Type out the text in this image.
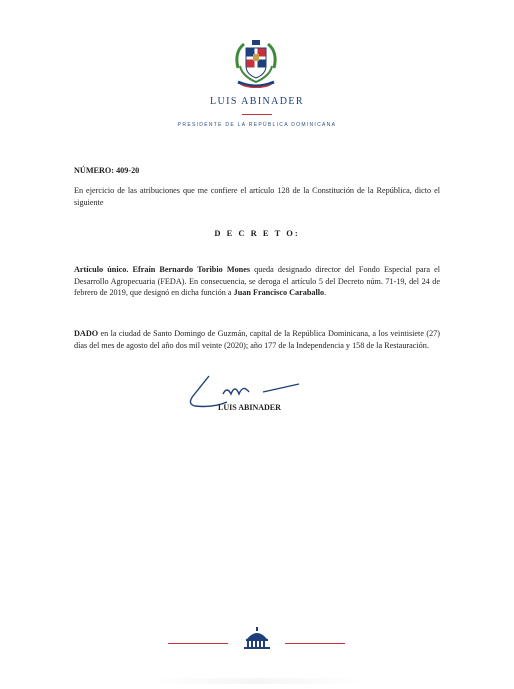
LUIS ABINADER
PRESIDENTE DE LA REPÚBLICA DOMINICANA
NÚMERO: 409-20
En ejercicio de las atribuciones que me confiere el artículo 128 de la Constitución de la República, dicto el siguiente
D E C R E T O:
Artículo único. Efraín Bernardo Toribio Mones queda designado director del Fondo Especial para el Desarrollo Agropecuaria (FEDA). En consecuencia, se deroga el artículo 5 del Decreto núm. 71-19, del 24 de febrero de 2019, que designó en dicha función a Juan Francisco Caraballo.
DADO en la ciudad de Santo Domingo de Guzmán, capital de la República Dominicana, a los veintisiete (27) días del mes de agosto del año dos mil veinte (2020); año 177 de la Independencia y 158 de la Restauración.
LUIS ABINADER
